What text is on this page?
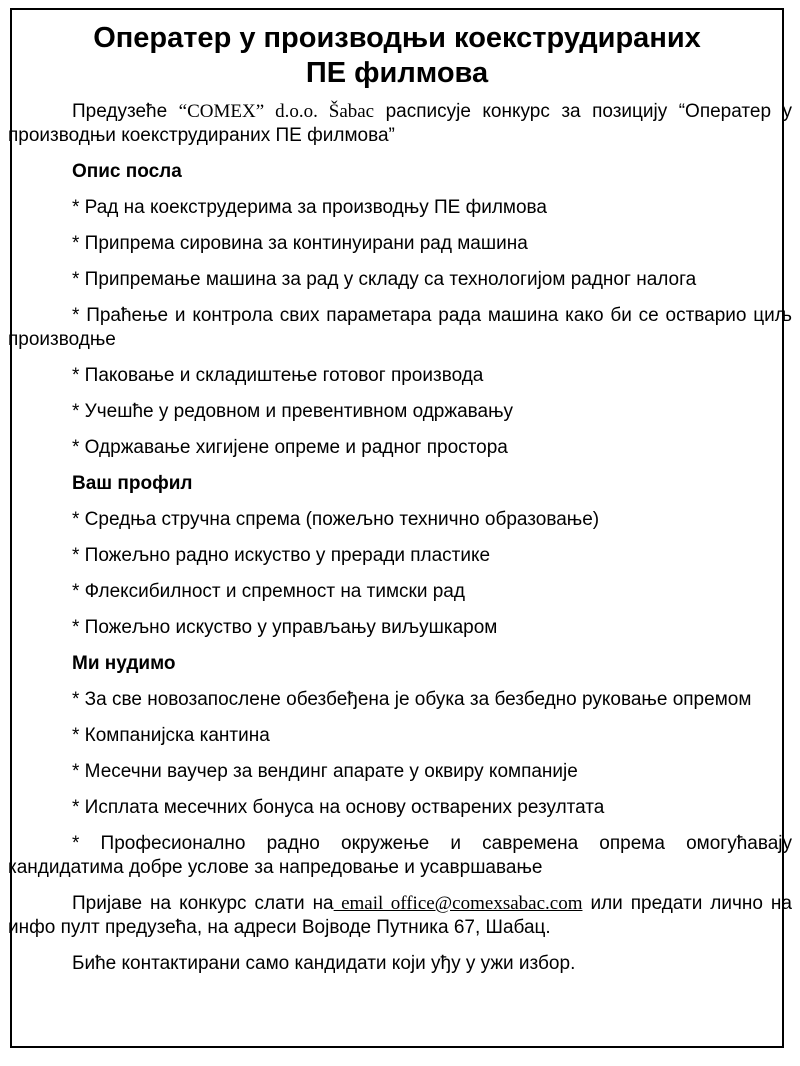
Оператер у производњи коекструдираних
ПЕ филмова

Предузеће “COMEX” d.o.o. Šabac расписује конкурс за позицију “Оператер у производњи коекструдираних ПЕ филмова”

Опис посла

* Рад на коекструдерима за производњу ПЕ филмова

* Припрема сировина за континуирани рад машина

* Припремање машина за рад у складу са технологијом радног налога

* Праћење и контрола свих параметара рада машина како би се остварио циљ производње

* Паковање и складиштење готовог производа

* Учешће у редовном и превентивном одржавању

* Одржавање хигијене опреме и радног простора

Ваш профил

* Средња стручна спрема (пожељно технично образовање)

* Пожељно радно искуство у преради пластике

* Флексибилност и спремност на тимски рад

* Пожељно искуство у управљању виљушкаром

Ми нудимо

* За све новозапослене обезбеђена је обука за безбедно руковање опремом

* Компанијска кантина

* Месечни ваучер за вендинг апарате у оквиру компаније

* Исплата месечних бонуса на основу остварених резултата

* Професионално радно окружење и савремена опрема омогућавају кандидатима добре услове за напредовање и усавршавање

Пријаве на конкурс слати на email office@comexsabac.com или предати лично на инфо пулт предузећа, на адреси Војводе Путника 67, Шабац.

Биће контактирани само кандидати који уђу у ужи избор.
